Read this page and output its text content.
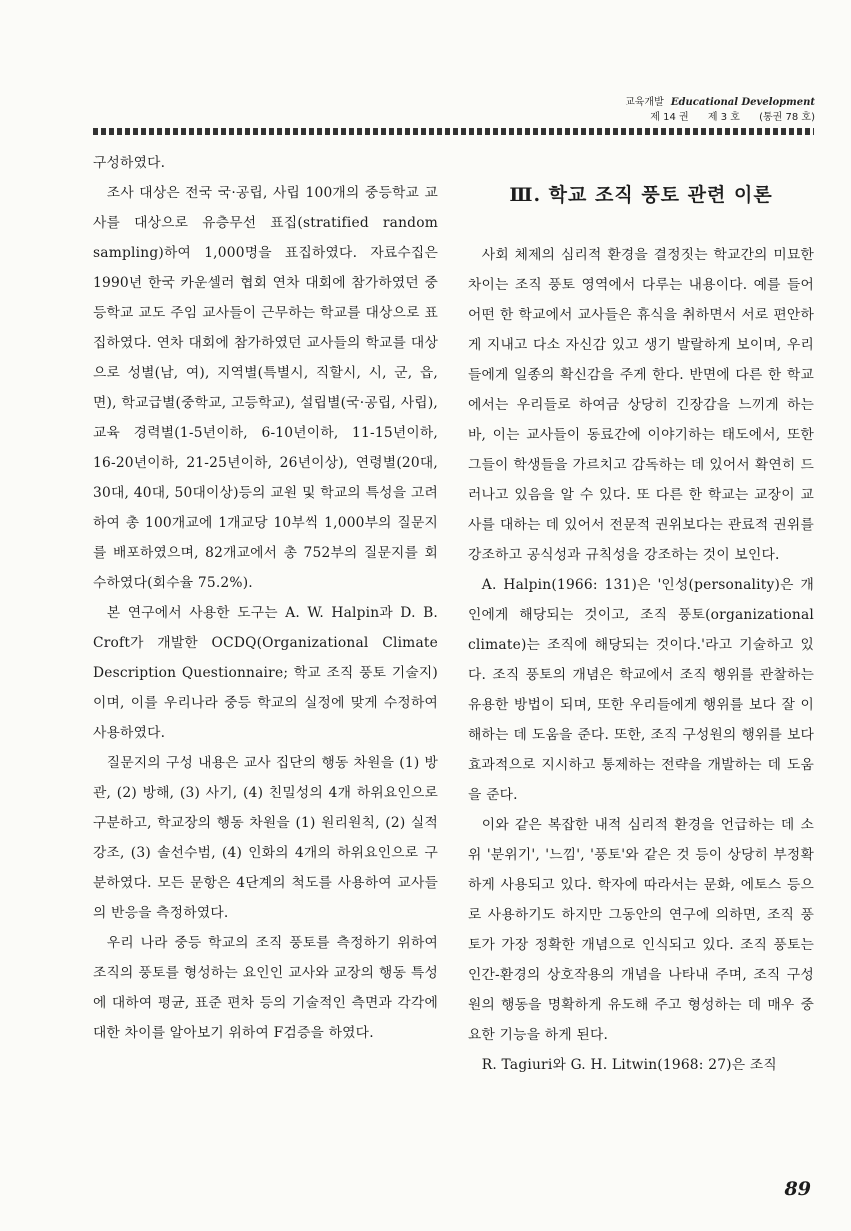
교육개발 Educational Development
제 14 권 제 3 호 (통권 78 호)

구성하였다.

조사 대상은 전국 국·공립, 사립 100개의 중등학교 교사를 대상으로 유층무선 표집(stratified random sampling)하여 1,000명을 표집하였다. 자료수집은 1990년 한국 카운셀러 협회 연차 대회에 참가하였던 중등학교 교도 주임 교사들이 근무하는 학교를 대상으로 표집하였다. 연차 대회에 참가하였던 교사들의 학교를 대상으로 성별(남, 여), 지역별(특별시, 직할시, 시, 군, 읍, 면), 학교급별(중학교, 고등학교), 설립별(국·공립, 사립), 교육 경력별(1-5년이하, 6-10년이하, 11-15년이하, 16-20년이하, 21-25년이하, 26년이상), 연령별(20대, 30대, 40대, 50대이상)등의 교원 및 학교의 특성을 고려하여 총 100개교에 1개교당 10부씩 1,000부의 질문지를 배포하였으며, 82개교에서 총 752부의 질문지를 회수하였다(회수율 75.2%).

본 연구에서 사용한 도구는 A. W. Halpin과 D. B. Croft가 개발한 OCDQ(Organizational Climate Description Questionnaire; 학교 조직 풍토 기술지)이며, 이를 우리나라 중등 학교의 실정에 맞게 수정하여 사용하였다.

질문지의 구성 내용은 교사 집단의 행동 차원을 (1) 방관, (2) 방해, (3) 사기, (4) 친밀성의 4개 하위요인으로 구분하고, 학교장의 행동 차원을 (1) 원리원칙, (2) 실적 강조, (3) 솔선수범, (4) 인화의 4개의 하위요인으로 구분하였다. 모든 문항은 4단계의 척도를 사용하여 교사들의 반응을 측정하였다.

우리 나라 중등 학교의 조직 풍토를 측정하기 위하여 조직의 풍토를 형성하는 요인인 교사와 교장의 행동 특성에 대하여 평균, 표준 편차 등의 기술적인 측면과 각각에 대한 차이를 알아보기 위하여 F검증을 하였다.

Ⅲ. 학교 조직 풍토 관련 이론

사회 체제의 심리적 환경을 결정짓는 학교간의 미묘한 차이는 조직 풍토 영역에서 다루는 내용이다. 예를 들어 어떤 한 학교에서 교사들은 휴식을 취하면서 서로 편안하게 지내고 다소 자신감 있고 생기 발랄하게 보이며, 우리들에게 일종의 확신감을 주게 한다. 반면에 다른 한 학교에서는 우리들로 하여금 상당히 긴장감을 느끼게 하는 바, 이는 교사들이 동료간에 이야기하는 태도에서, 또한 그들이 학생들을 가르치고 감독하는 데 있어서 확연히 드러나고 있음을 알 수 있다. 또 다른 한 학교는 교장이 교사를 대하는 데 있어서 전문적 권위보다는 관료적 권위를 강조하고 공식성과 규칙성을 강조하는 것이 보인다.

A. Halpin(1966: 131)은 '인성(personality)은 개인에게 해당되는 것이고, 조직 풍토(organizational climate)는 조직에 해당되는 것이다.'라고 기술하고 있다. 조직 풍토의 개념은 학교에서 조직 행위를 관찰하는 유용한 방법이 되며, 또한 우리들에게 행위를 보다 잘 이해하는 데 도움을 준다. 또한, 조직 구성원의 행위를 보다 효과적으로 지시하고 통제하는 전략을 개발하는 데 도움을 준다.

이와 같은 복잡한 내적 심리적 환경을 언급하는 데 소위 '분위기', '느낌', '풍토'와 같은 것 등이 상당히 부정확하게 사용되고 있다. 학자에 따라서는 문화, 에토스 등으로 사용하기도 하지만 그동안의 연구에 의하면, 조직 풍토가 가장 정확한 개념으로 인식되고 있다. 조직 풍토는 인간-환경의 상호작용의 개념을 나타내 주며, 조직 구성원의 행동을 명확하게 유도해 주고 형성하는 데 매우 중요한 기능을 하게 된다.

R. Tagiuri와 G. H. Litwin(1968: 27)은 조직

89
